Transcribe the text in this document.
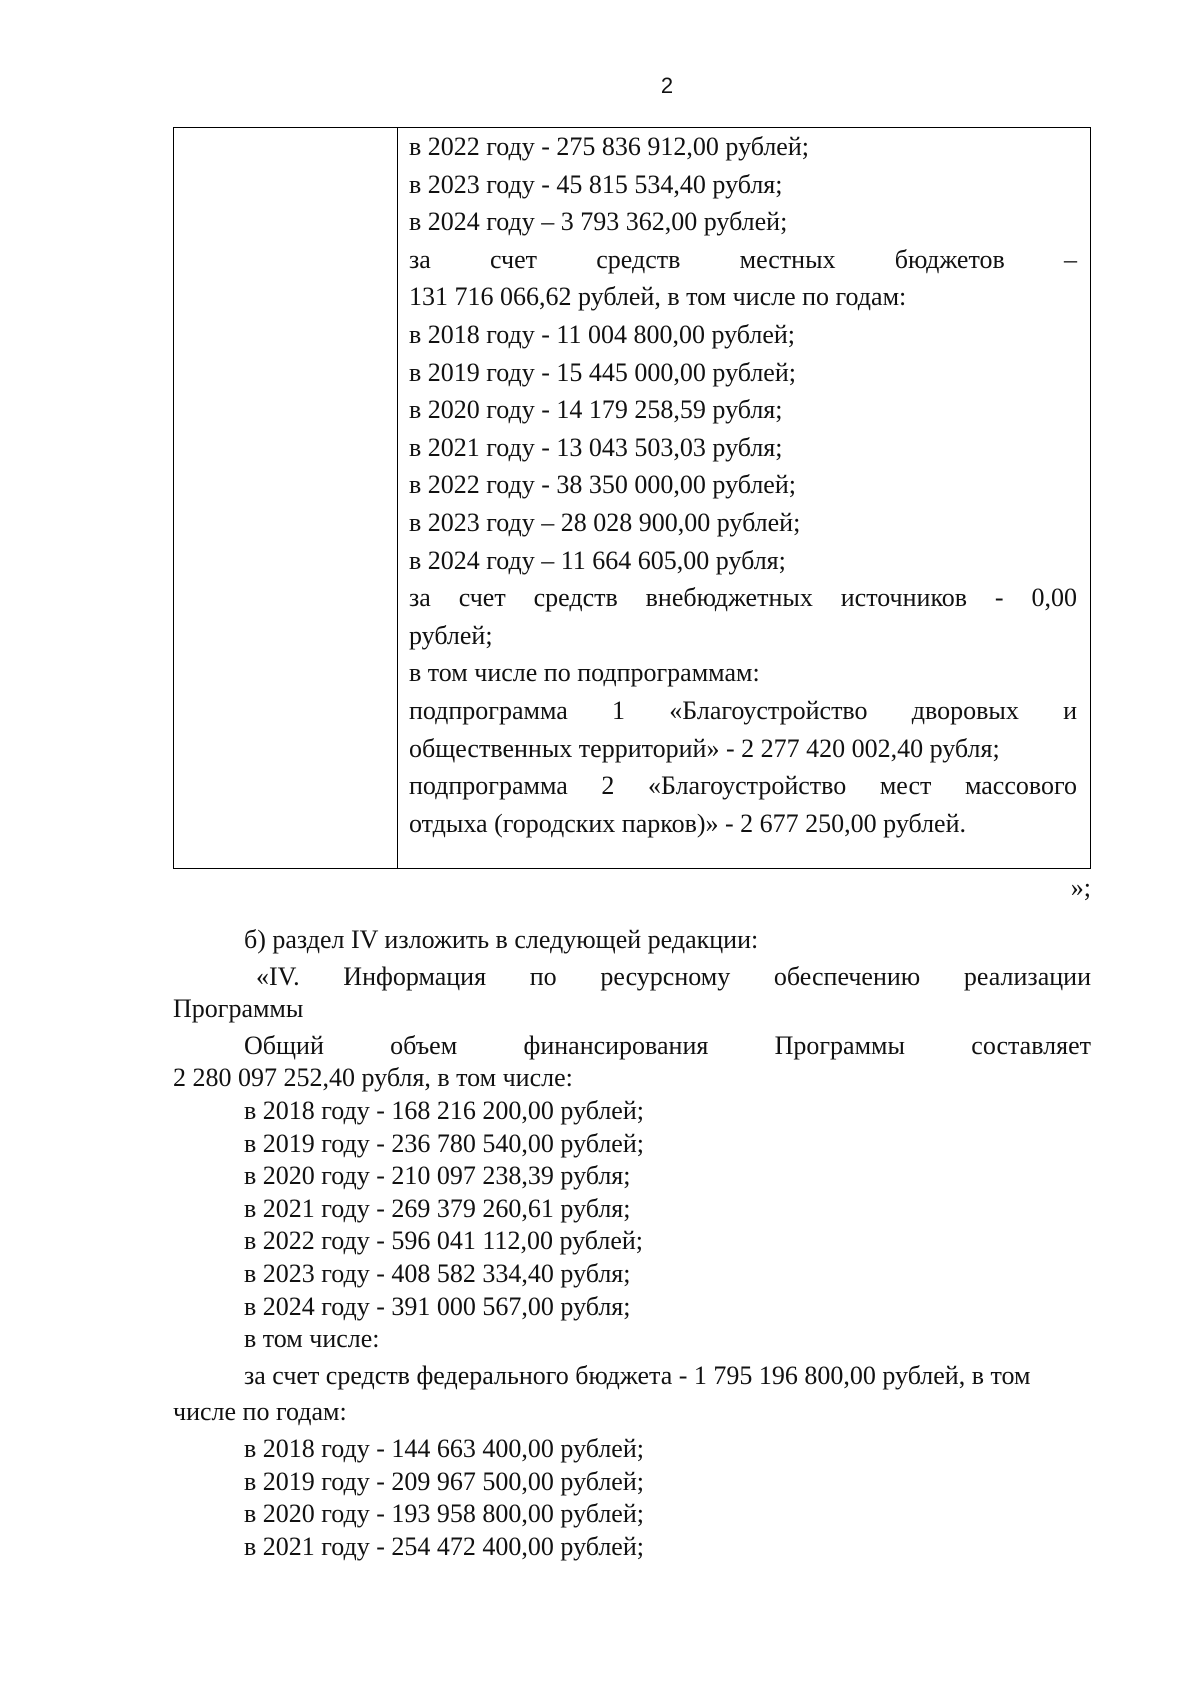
2
в 2022 году - 275 836 912,00 рублей;
в 2023 году - 45 815 534,40 рубля;
в 2024 году – 3 793 362,00 рублей;
за счет средств местных бюджетов –
131 716 066,62 рублей, в том числе по годам:
в 2018 году - 11 004 800,00 рублей;
в 2019 году - 15 445 000,00 рублей;
в 2020 году - 14 179 258,59 рубля;
в 2021 году - 13 043 503,03 рубля;
в 2022 году - 38 350 000,00 рублей;
в 2023 году – 28 028 900,00 рублей;
в 2024 году – 11 664 605,00 рубля;
за счет средств внебюджетных источников - 0,00
рублей;
в том числе по подпрограммам:
подпрограмма 1 «Благоустройство дворовых и
общественных территорий» - 2 277 420 002,40 рубля;
подпрограмма 2 «Благоустройство мест массового
отдыха (городских парков)» - 2 677 250,00 рублей.
»;
б) раздел IV изложить в следующей редакции:
«IV. Информация по ресурсному обеспечению реализации
Программы
Общий объем финансирования Программы составляет
2 280 097 252,40 рубля, в том числе:
в 2018 году - 168 216 200,00 рублей;
в 2019 году - 236 780 540,00 рублей;
в 2020 году - 210 097 238,39 рубля;
в 2021 году - 269 379 260,61 рубля;
в 2022 году - 596 041 112,00 рублей;
в 2023 году - 408 582 334,40 рубля;
в 2024 году - 391 000 567,00 рубля;
в том числе:
за счет средств федерального бюджета - 1 795 196 800,00 рублей, в том
числе по годам:
в 2018 году - 144 663 400,00 рублей;
в 2019 году - 209 967 500,00 рублей;
в 2020 году - 193 958 800,00 рублей;
в 2021 году - 254 472 400,00 рублей;
